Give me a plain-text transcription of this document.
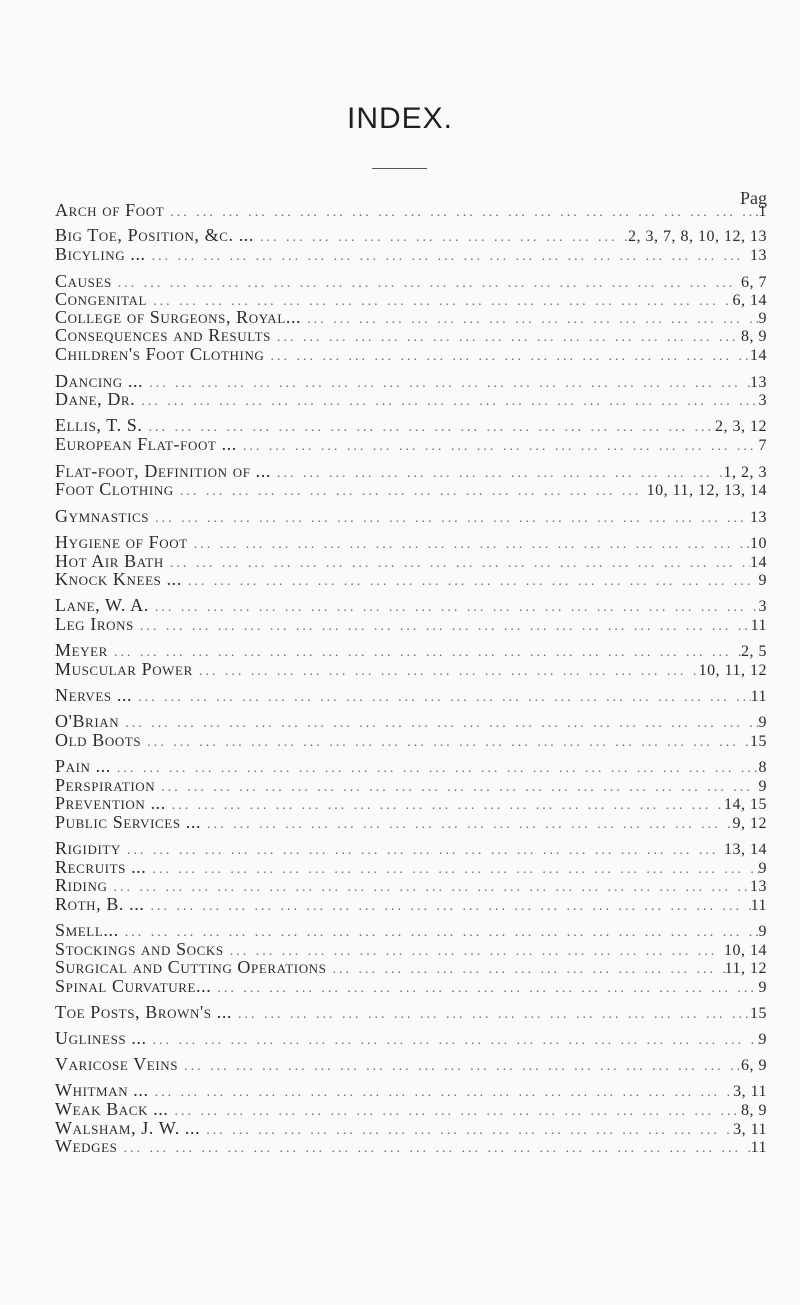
INDEX.
Pag
Arch of Foot ... .	1
Big Toe, Position, &c. ... ... .	2, 3, 7, 8, 10, 12, 13
Bicyling ... ... .	13
Causes ... .	6, 7
Congenital ... .	6, 14
College of Surgeons, Royal... ... .	9
Consequences and Results ... .	8, 9
Children's Foot Clothing ... .	14
Dancing ... ... .	13
Dane, Dr. ... .	3
Ellis, T. S. ... .	2, 3, 12
European Flat-foot ... ... .	7
Flat-foot, Definition of ... ... .	1, 2, 3
Foot Clothing ... .	10, 11, 12, 13, 14
Gymnastics ... .	13
Hygiene of Foot ... .	10
Hot Air Bath ... .	14
Knock Knees ... ... .	9
Lane, W. A. ... .	3
Leg Irons ... .	11
Meyer ... .	2, 5
Muscular Power ... .	10, 11, 12
Nerves ... ... .	11
O'Brian ... .	9
Old Boots ... .	15
Pain ... ... .	8
Perspiration ... .	9
Prevention ... ... .	14, 15
Public Services ... ... .	9, 12
Rigidity ... .	13, 14
Recruits ... ... .	9
Riding ... .	13
Roth, B. ... ... .	11
Smell... ... .	9
Stockings and Socks ... .	10, 14
Surgical and Cutting Operations ... .	11, 12
Spinal Curvature... ... .	9
Toe Posts, Brown's ... ... .	15
Ugliness ... ... .	9
Varicose Veins ... .	6, 9
Whitman ... ... .	3, 11
Weak Back ... ... .	8, 9
Walsham, J. W. ... ... .	3, 11
Wedges ... .	11
